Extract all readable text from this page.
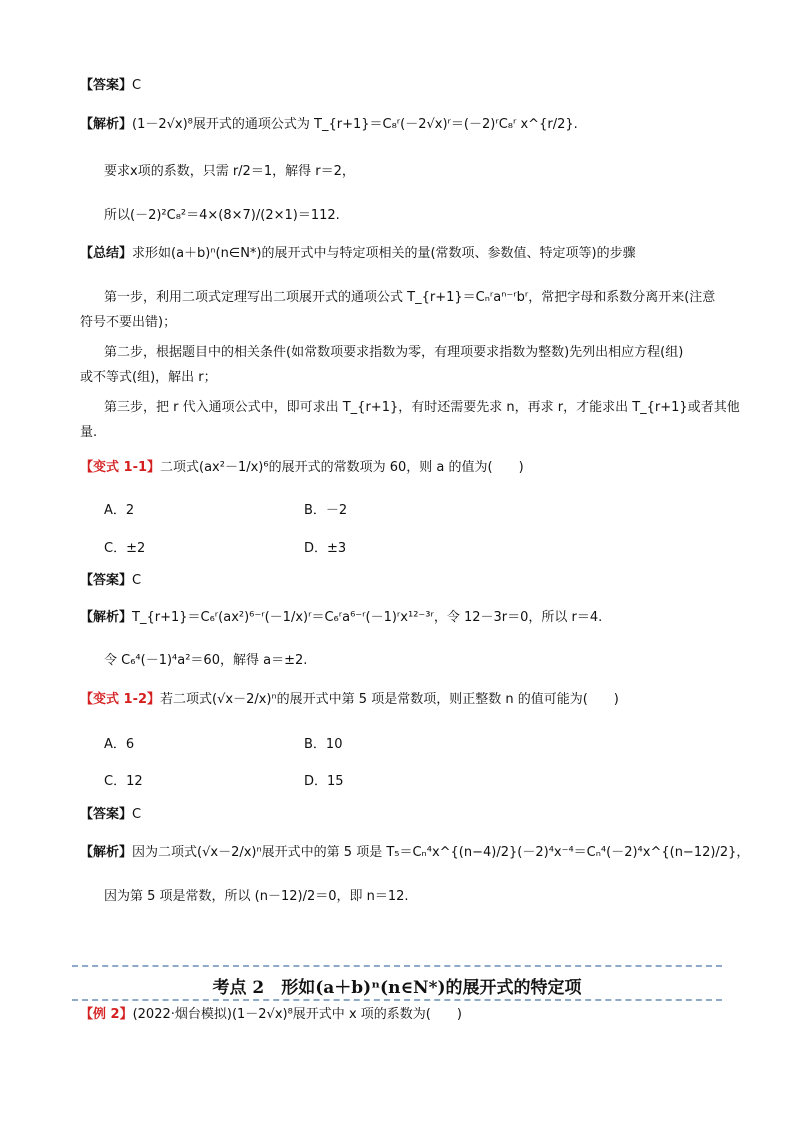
【答案】C
【解析】(1－2√x)⁸展开式的通项公式为 T_{r+1}＝C₈ʳ(－2√x)ʳ＝(－2)ʳC₈ʳ x^{r/2}.
要求x项的系数，只需 r/2＝1，解得 r＝2，
所以(－2)²C₈²＝4×(8×7)/(2×1)＝112.
【总结】求形如(a＋b)ⁿ(n∈N*)的展开式中与特定项相关的量(常数项、参数值、特定项等)的步骤
第一步，利用二项式定理写出二项展开式的通项公式 T_{r+1}＝Cₙʳaⁿ⁻ʳbʳ，常把字母和系数分离开来(注意
符号不要出错)；
第二步，根据题目中的相关条件(如常数项要求指数为零，有理项要求指数为整数)先列出相应方程(组)
或不等式(组)，解出 r；
第三步，把 r 代入通项公式中，即可求出 T_{r+1}，有时还需要先求 n，再求 r，才能求出 T_{r+1}或者其他
量.
【变式 1-1】二项式(ax²－1/x)⁶的展开式的常数项为 60，则 a 的值为(　　)
A．2	B．－2
C．±2	D．±3
【答案】C
【解析】T_{r+1}＝C₆ʳ(ax²)⁶⁻ʳ(－1/x)ʳ＝C₆ʳa⁶⁻ʳ(－1)ʳx¹²⁻³ʳ，令 12－3r＝0，所以 r＝4.
令 C₆⁴(－1)⁴a²＝60，解得 a＝±2.
【变式 1-2】若二项式(√x－2/x)ⁿ的展开式中第 5 项是常数项，则正整数 n 的值可能为(　　)
A．6	B．10
C．12	D．15
【答案】C
【解析】因为二项式(√x－2/x)ⁿ展开式中的第 5 项是 T₅＝Cₙ⁴x^{(n−4)/2}(－2)⁴x⁻⁴＝Cₙ⁴(－2)⁴x^{(n−12)/2}，
因为第 5 项是常数，所以 (n－12)/2＝0，即 n＝12.
考点 2　形如(a＋b)ⁿ(n∈N*)的展开式的特定项
【例 2】(2022·烟台模拟)(1－2√x)⁸展开式中 x 项的系数为(　　)
